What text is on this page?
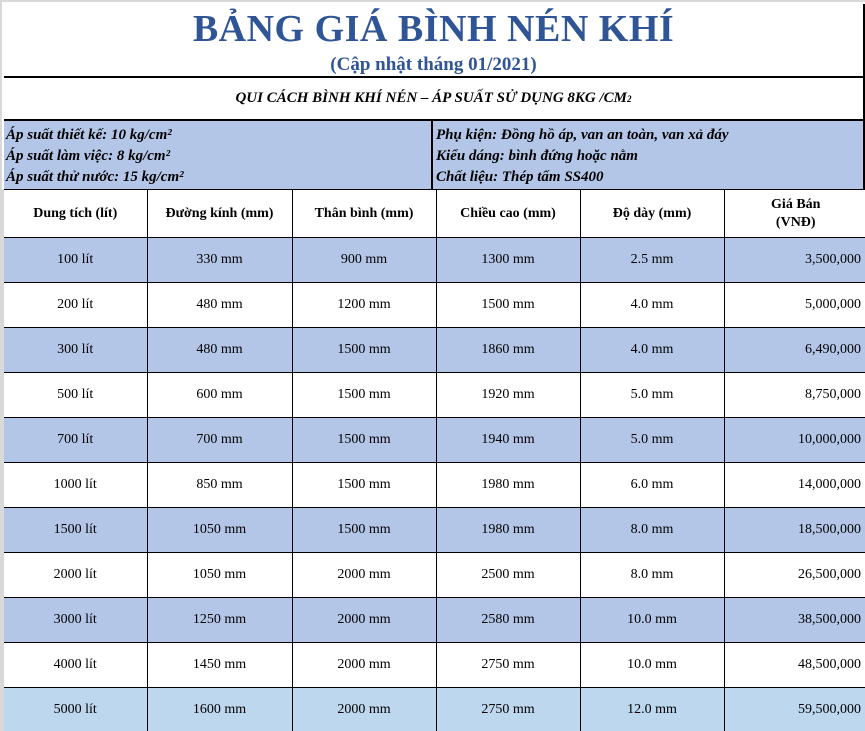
BẢNG GIÁ BÌNH NÉN KHÍ
(Cập nhật tháng 01/2021)
QUI CÁCH BÌNH KHÍ NÉN – ÁP SUẤT SỬ DỤNG 8KG /CM 2
Áp suất thiết kế: 10 kg/cm²
Áp suất làm việc: 8 kg/cm²
Áp suất thử nước: 15 kg/cm²
Phụ kiện: Đồng hồ áp, van an toàn, van xả đáy
Kiểu dáng: bình đứng hoặc nằm
Chất liệu: Thép tấm SS400
Dung tích (lít)	Đường kính (mm)	Thân bình (mm)	Chiều cao (mm)	Độ dày (mm)	Giá Bán (VNĐ)
100 lít	330 mm	900 mm	1300 mm	2.5 mm	3,500,000
200 lít	480 mm	1200 mm	1500 mm	4.0 mm	5,000,000
300 lít	480 mm	1500 mm	1860 mm	4.0 mm	6,490,000
500 lít	600 mm	1500 mm	1920 mm	5.0 mm	8,750,000
700 lít	700 mm	1500 mm	1940 mm	5.0 mm	10,000,000
1000 lít	850 mm	1500 mm	1980 mm	6.0 mm	14,000,000
1500 lít	1050 mm	1500 mm	1980 mm	8.0 mm	18,500,000
2000 lít	1050 mm	2000 mm	2500 mm	8.0 mm	26,500,000
3000 lít	1250 mm	2000 mm	2580 mm	10.0 mm	38,500,000
4000 lít	1450 mm	2000 mm	2750 mm	10.0 mm	48,500,000
5000 lít	1600 mm	2000 mm	2750 mm	12.0 mm	59,500,000
